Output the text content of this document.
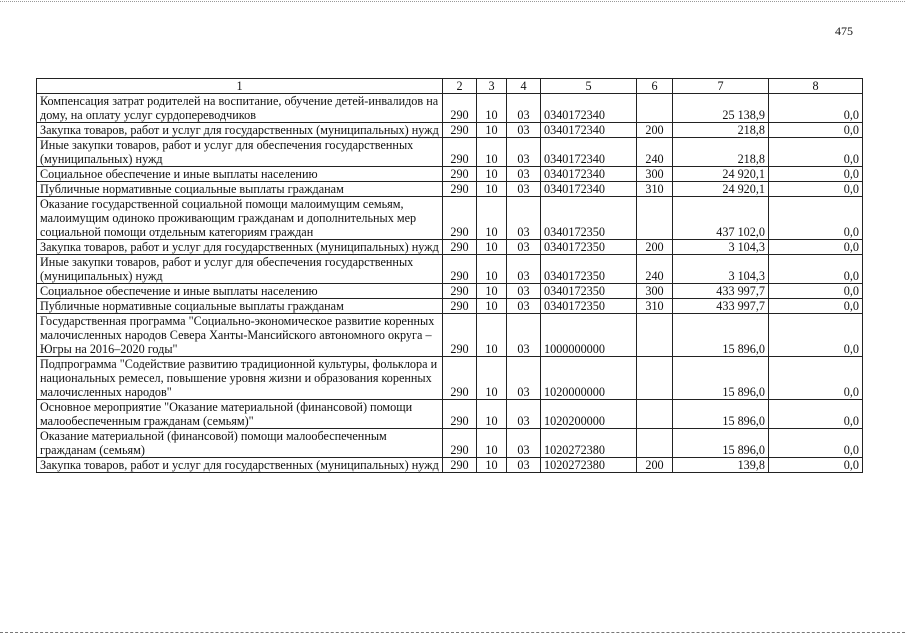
475
1	2	3	4	5	6	7	8
Компенсация затрат родителей на воспитание, обучение детей-инвалидов на дому, на оплату услуг сурдопереводчиков	290	10	03	0340172340		25 138,9	0,0
Закупка товаров, работ и услуг для государственных (муниципальных) нужд	290	10	03	0340172340	200	218,8	0,0
Иные закупки товаров, работ и услуг для обеспечения государственных (муниципальных) нужд	290	10	03	0340172340	240	218,8	0,0
Социальное обеспечение и иные выплаты населению	290	10	03	0340172340	300	24 920,1	0,0
Публичные нормативные социальные выплаты гражданам	290	10	03	0340172340	310	24 920,1	0,0
Оказание государственной социальной помощи малоимущим семьям, малоимущим одиноко проживающим гражданам и дополнительных мер социальной помощи отдельным категориям граждан	290	10	03	0340172350		437 102,0	0,0
Закупка товаров, работ и услуг для государственных (муниципальных) нужд	290	10	03	0340172350	200	3 104,3	0,0
Иные закупки товаров, работ и услуг для обеспечения государственных (муниципальных) нужд	290	10	03	0340172350	240	3 104,3	0,0
Социальное обеспечение и иные выплаты населению	290	10	03	0340172350	300	433 997,7	0,0
Публичные нормативные социальные выплаты гражданам	290	10	03	0340172350	310	433 997,7	0,0
Государственная программа "Социально-экономическое развитие коренных малочисленных народов Севера Ханты-Мансийского автономного округа – Югры на 2016–2020 годы"	290	10	03	1000000000		15 896,0	0,0
Подпрограмма "Содействие развитию традиционной культуры, фольклора и национальных ремесел, повышение уровня жизни и образования коренных малочисленных народов"	290	10	03	1020000000		15 896,0	0,0
Основное мероприятие "Оказание материальной (финансовой) помощи малообеспеченным гражданам (семьям)"	290	10	03	1020200000		15 896,0	0,0
Оказание материальной (финансовой) помощи малообеспеченным гражданам (семьям)	290	10	03	1020272380		15 896,0	0,0
Закупка товаров, работ и услуг для государственных (муниципальных) нужд	290	10	03	1020272380	200	139,8	0,0
